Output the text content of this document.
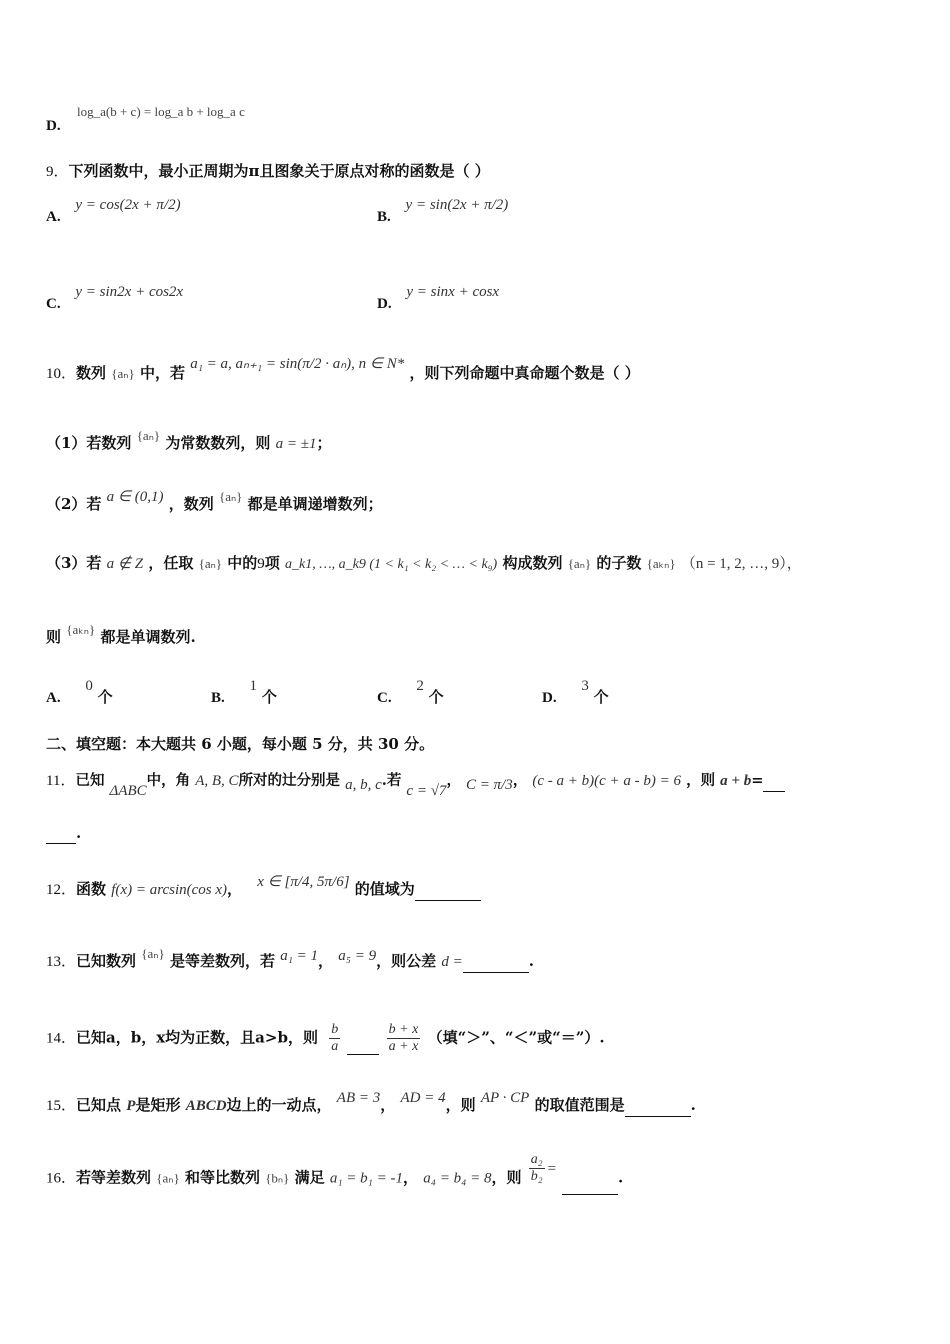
log_a(b + c) = log_a b + log_a c
D.
9．下列函数中，最小正周期为π且图象关于原点对称的函数是（ ）
A. y = cos(2x + π/2)
B. y = sin(2x + π/2)
C. y = sin2x + cos2x
D. y = sinx + cosx
10．数列 {aₙ} 中，若 a₁ = a, aₙ₊₁ = sin(π/2 · aₙ), n ∈ N* ，则下列命题中真命题个数是（ ）
（1）若数列 {aₙ} 为常数数列，则 a = ±1；
（2）若 a ∈ (0,1) ，数列 {aₙ} 都是单调递增数列；
（3）若 a ∉ Z ，任取 {aₙ} 中的9项 a_k1, …, a_k9 (1 < k₁ < k₂ < … < k₉) 构成数列 {aₙ} 的子数 {aₖₙ} （n = 1, 2, …, 9），
则 {aₖₙ} 都是单调数列.
A. 0 个	B. 1 个	C. 2 个	D. 3 个
二、填空题：本大题共 6 小题，每小题 5 分，共 30 分。
11．已知 ΔABC中，角 A, B, C所对的辻分别是 a, b, c.若 c = √7， C = π/3， (c - a + b)(c + a - b) = 6 ，则 a + b=
.
12．函数 f(x) = arcsin(cos x)， x ∈ [π/4, 5π/6] 的值域为
13．已知数列 {aₙ} 是等差数列，若 a₁ = 1， a₅ = 9，则公差 d =	.
14．已知a，b，x均为正数，且a>b，则 $\frac{b}{a}$
	$\frac{b + x}{a + x}$ （填“＞”、“＜”或“＝”）.
15．已知点 P是矩形 ABCD边上的一动点， AB = 3， AD = 4，则 AP · CP 的取值范围是	.
16．若等差数列 {aₙ} 和等比数列 {bₙ} 满足 a₁ = b₁ = -1， a₄ = b₄ = 8，则 $\frac{\text{a₂}}{\text{b₂}}$ =	.
